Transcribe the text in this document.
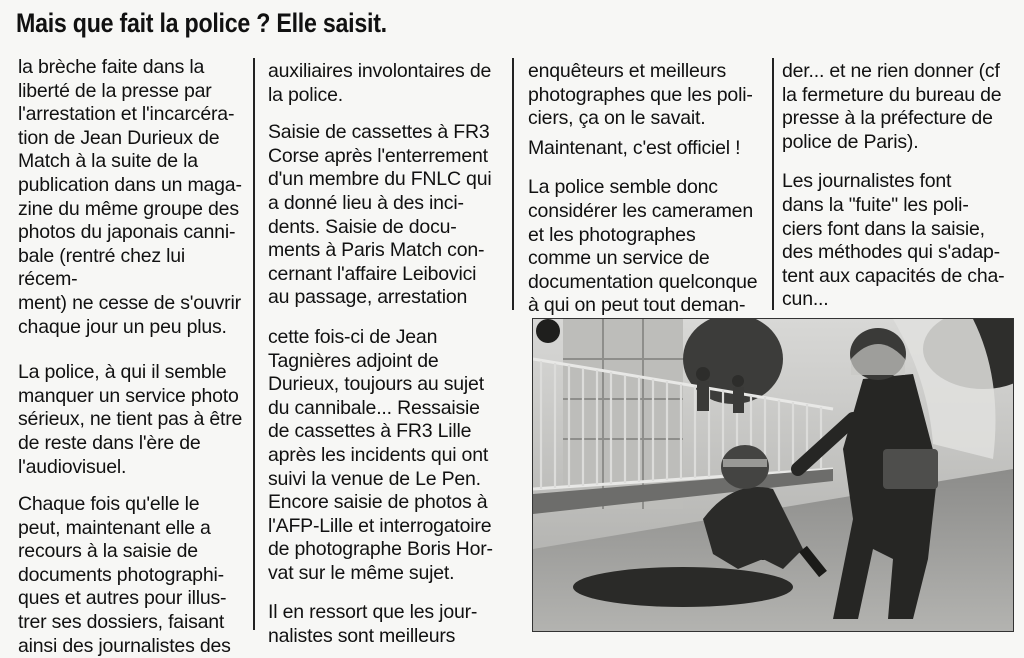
Mais que fait la police ? Elle saisit.

la brèche faite dans la
liberté de la presse par
l'arrestation et l'incarcéra-
tion de Jean Durieux de
Match à la suite de la
publication dans un maga-
zine du même groupe des
photos du japonais canni-
bale (rentré chez lui récem-
ment) ne cesse de s'ouvrir
chaque jour un peu plus.

La police, à qui il semble
manquer un service photo
sérieux, ne tient pas à être
de reste dans l'ère de
l'audiovisuel.

Chaque fois qu'elle le
peut, maintenant elle a
recours à la saisie de
documents photographi-
ques et autres pour illus-
trer ses dossiers, faisant
ainsi des journalistes des

auxiliaires involontaires de
la police.

Saisie de cassettes à FR3
Corse après l'enterrement
d'un membre du FNLC qui
a donné lieu à des inci-
dents. Saisie de docu-
ments à Paris Match con-
cernant l'affaire Leibovici
au passage, arrestation

cette fois-ci de Jean
Tagnières adjoint de
Durieux, toujours au sujet
du cannibale... Ressaisie
de cassettes à FR3 Lille
après les incidents qui ont
suivi la venue de Le Pen.
Encore saisie de photos à
l'AFP-Lille et interrogatoire
de photographe Boris Hor-
vat sur le même sujet.

Il en ressort que les jour-
nalistes sont meilleurs

enquêteurs et meilleurs
photographes que les poli-
ciers, ça on le savait.

Maintenant, c'est officiel !

La police semble donc
considérer les cameramen
et les photographes
comme un service de
documentation quelconque
à qui on peut tout deman-

der... et ne rien donner (cf
la fermeture du bureau de
presse à la préfecture de
police de Paris).

Les journalistes font
dans la "fuite" les poli-
ciers font dans la saisie,
des méthodes qui s'adap-
tent aux capacités de cha-
cun...
